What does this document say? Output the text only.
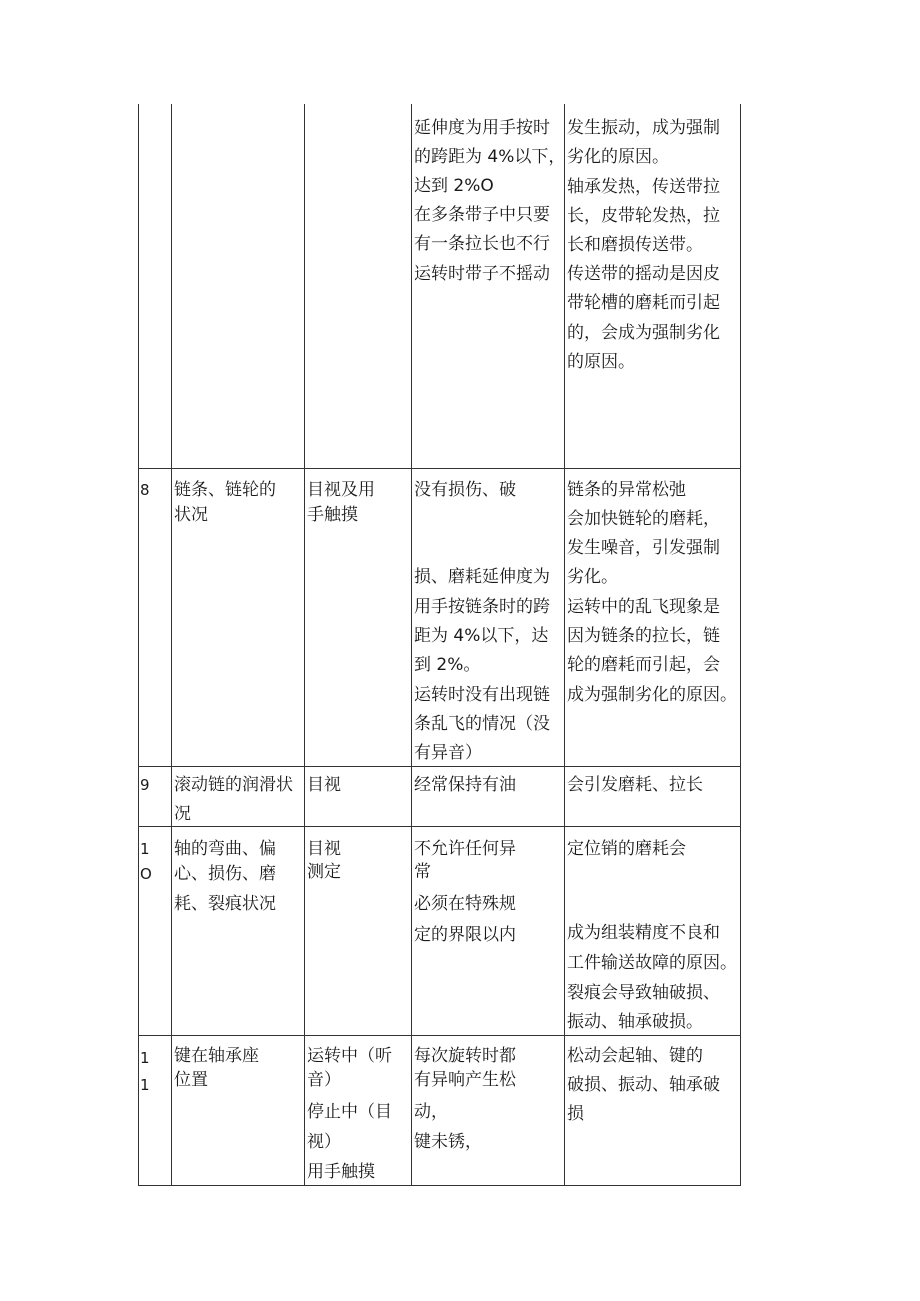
延伸度为用手按时
的跨距为 4%以下，
达到 2%O
在多条带子中只要
有一条拉长也不行
运转时带子不摇动
发生振动，成为强制
劣化的原因。
轴承发热，传送带拉
长，皮带轮发热，拉
长和磨损传送带。
传送带的摇动是因皮
带轮槽的磨耗而引起
的，会成为强制劣化
的原因。
8 链条、链轮的
状况
目视及用
手触摸
没有损伤、破
损、磨耗延伸度为
用手按链条时的跨
距为 4%以下，达
到 2%。
运转时没有出现链
条乱飞的情况（没
有异音）
链条的异常松弛
会加快链轮的磨耗，
发生噪音，引发强制
劣化。
运转中的乱飞现象是
因为链条的拉长，链
轮的磨耗而引起，会
成为强制劣化的原因。
9 滚动链的润滑状
况
目视	经常保持有油	会引发磨耗、拉长
1
O
轴的弯曲、偏
心、损伤、磨
耗、裂痕状况
目视
测定
不允许任何异
常
必须在特殊规
定的界限以内
定位销的磨耗会
成为组装精度不良和
工件输送故障的原因。
裂痕会导致轴破损、
振动、轴承破损。
1
1
键在轴承座
位置
运转中（听
音）
停止中（目
视）
用手触摸
每次旋转时都
有异响产生松
动，
键未锈，
松动会起轴、键的
破损、振动、轴承破
损
